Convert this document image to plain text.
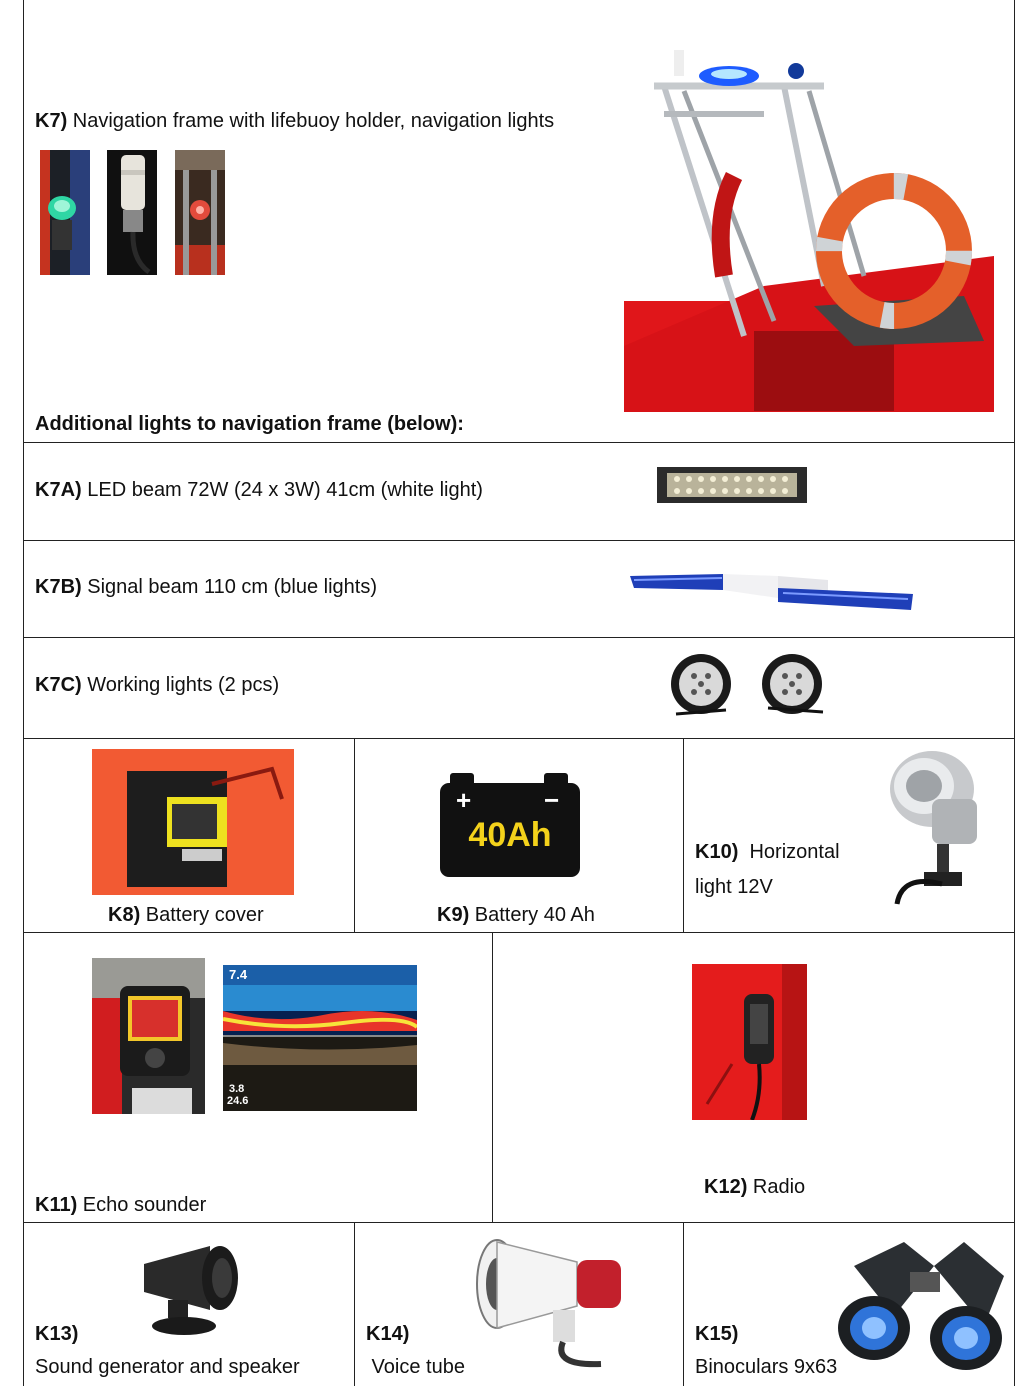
K7) Navigation frame with lifebuoy holder, navigation lights
Additional lights to navigation frame (below):
K7A) LED beam 72W (24 x 3W) 41cm (white light)
K7B) Signal beam 110 cm (blue lights)
K7C) Working lights (2 pcs)
K8) Battery cover
+	−
40Ah
K9) Battery 40 Ah
K10)  Horizontal
light 12V
7.4
3.8
24.6
K11) Echo sounder
K12) Radio
K13)
Sound generator and speaker
K14)
Voice tube
K15)
Binoculars 9x63
